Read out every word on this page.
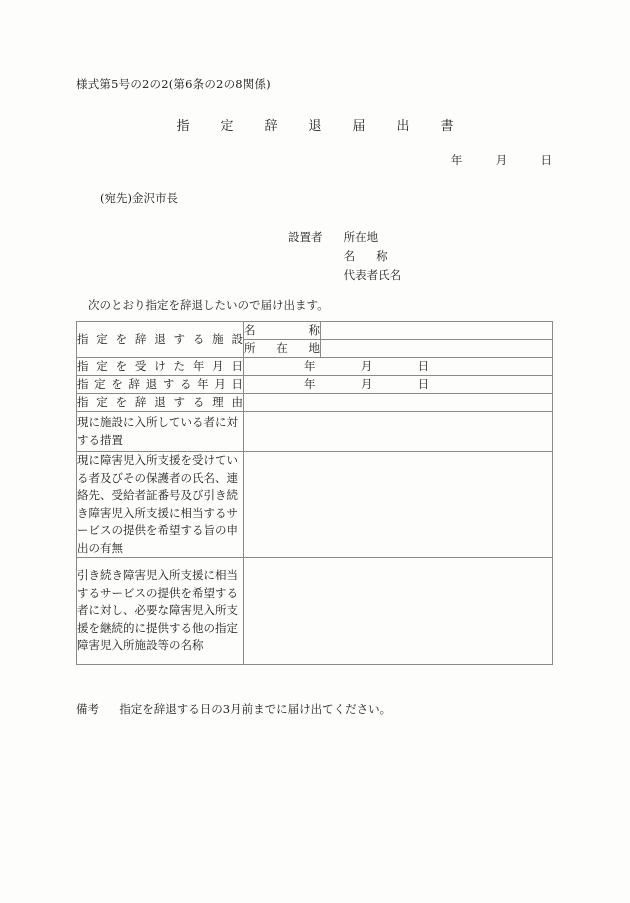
様式第5号の2の2(第6条の2の8関係)
指　定　辞　退　届　出　書
年	月	日
(宛先)金沢市長
設置者 所在地
名　称
代表者氏名
次のとおり指定を辞退したいので届け出ます。
指定を辞退する施設	名　　称	
	所　在　地	
指定を受けた年月日	年 月 日	
指定を辞退する年月日	年 月 日	
指定を辞退する理由		
現に施設に入所している者に対する措置		
現に障害児入所支援を受けている者及びその保護者の氏名、連絡先、受給者証番号及び引き続き障害児入所支援に相当するサービスの提供を希望する旨の申出の有無		
引き続き障害児入所支援に相当するサービスの提供を希望する者に対し、必要な障害児入所支援を継続的に提供する他の指定障害児入所施設等の名称		
備考 指定を辞退する日の3月前までに届け出てください。
